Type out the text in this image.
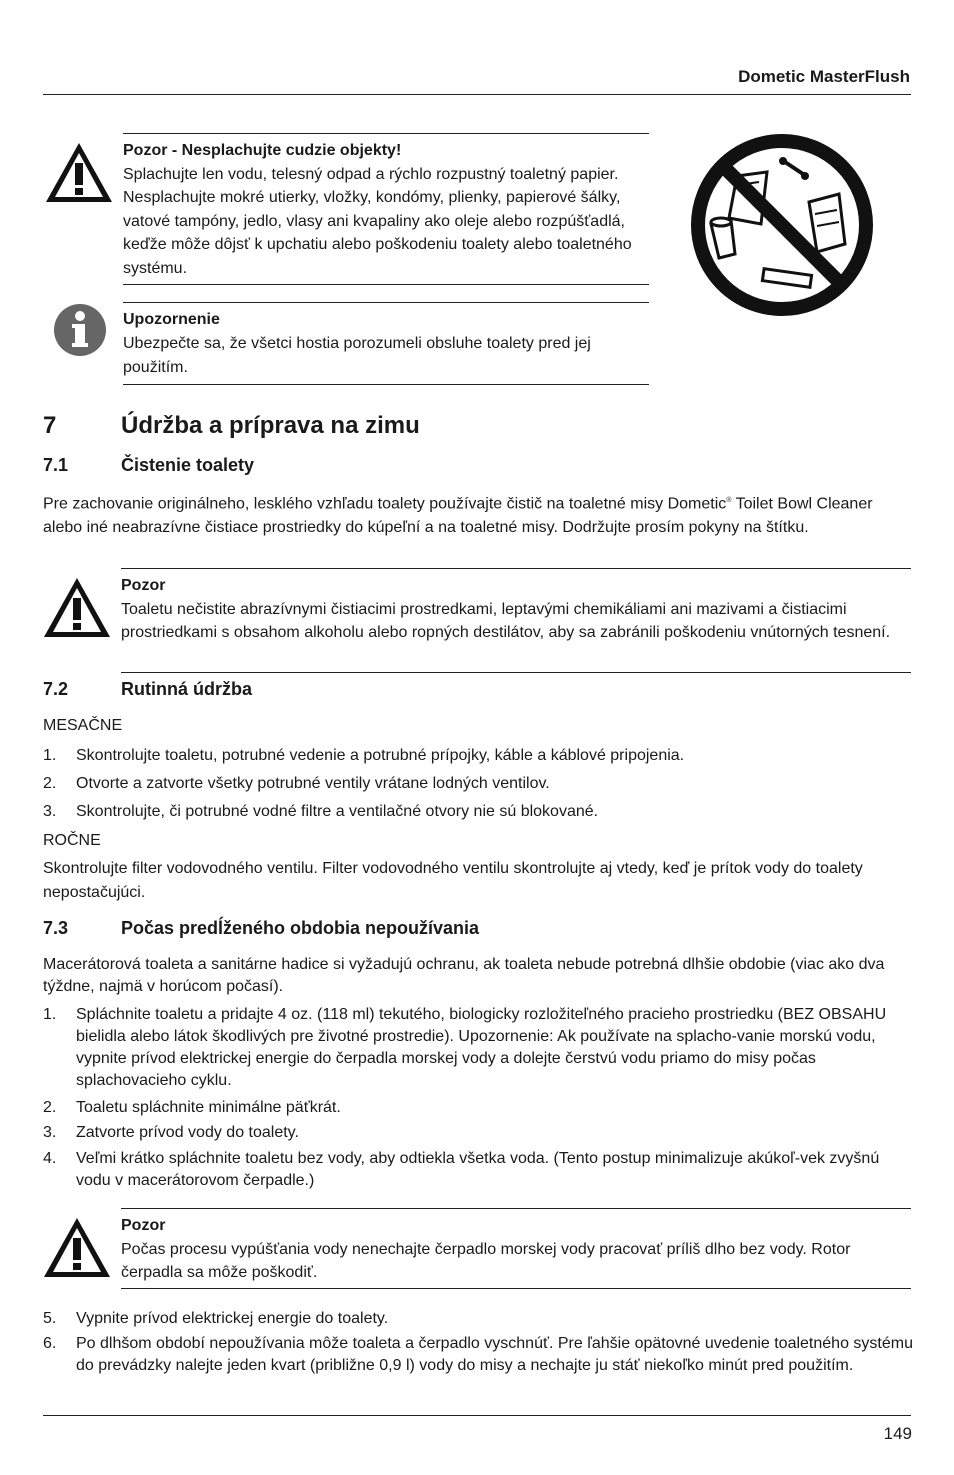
Dometic MasterFlush
Pozor - Nesplachujte cudzie objekty!
Splachujte len vodu, telesný odpad a rýchlo rozpustný toaletný papier. Nesplachujte mokré utierky, vložky, kondómy, plienky, papierové šálky, vatové tampóny, jedlo, vlasy ani kvapaliny ako oleje alebo rozpúšťadlá, keďže môže dôjsť k upchatiu alebo poškodeniu toalety alebo toaletného systému.
Upozornenie
Ubezpečte sa, že všetci hostia porozumeli obsluhe toalety pred jej použitím.
7	Údržba a príprava na zimu
7.1	Čistenie toalety
Pre zachovanie originálneho, lesklého vzhľadu toalety používajte čistič na toaletné misy Dometic® Toilet Bowl Cleaner alebo iné neabrazívne čistiace prostriedky do kúpeľní a na toaletné misy. Dodržujte prosím pokyny na štítku.
Pozor
Toaletu nečistite abrazívnymi čistiacimi prostredkami, leptavými chemikáliami ani mazivami a čistiacimi prostriedkami s obsahom alkoholu alebo ropných destilátov, aby sa zabránili poškodeniu vnútorných tesnení.
7.2	Rutinná údržba
MESAČNE
1. Skontrolujte toaletu, potrubné vedenie a potrubné prípojky, káble a káblové pripojenia.
2. Otvorte a zatvorte všetky potrubné ventily vrátane lodných ventilov.
3. Skontrolujte, či potrubné vodné filtre a ventilačné otvory nie sú blokované.
ROČNE
Skontrolujte filter vodovodného ventilu. Filter vodovodného ventilu skontrolujte aj vtedy, keď je prítok vody do toalety nepostačujúci.
7.3	Počas predĺženého obdobia nepoužívania
Macerátorová toaleta a sanitárne hadice si vyžadujú ochranu, ak toaleta nebude potrebná dlhšie obdobie (viac ako dva týždne, najmä v horúcom počasí).
1. Spláchnite toaletu a pridajte 4 oz. (118 ml) tekutého, biologicky rozložiteľného pracieho prostriedku (BEZ OBSAHU bielidla alebo látok škodlivých pre životné prostredie). Upozornenie: Ak používate na splacho-vanie morskú vodu, vypnite prívod elektrickej energie do čerpadla morskej vody a dolejte čerstvú vodu priamo do misy počas splachovacieho cyklu.
2. Toaletu spláchnite minimálne päťkrát.
3. Zatvorte prívod vody do toalety.
4. Veľmi krátko spláchnite toaletu bez vody, aby odtiekla všetka voda. (Tento postup minimalizuje akúkoľ-vek zvyšnú vodu v macerátorovom čerpadle.)
Pozor
Počas procesu vypúšťania vody nenechajte čerpadlo morskej vody pracovať príliš dlho bez vody. Rotor čerpadla sa môže poškodiť.
5. Vypnite prívod elektrickej energie do toalety.
6. Po dlhšom období nepoužívania môže toaleta a čerpadlo vyschnúť. Pre ľahšie opätovné uvedenie toaletného systému do prevádzky nalejte jeden kvart (približne 0,9 l) vody do misy a nechajte ju stáť niekoľko minút pred použitím.
149
